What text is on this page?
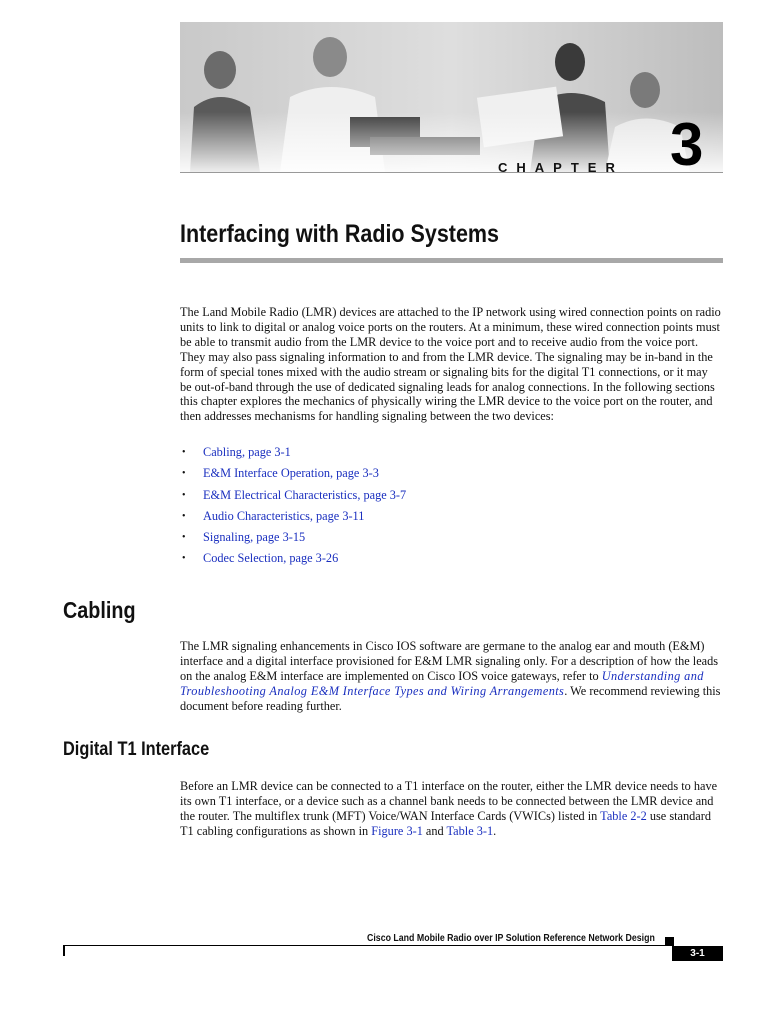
CHAPTER 3
Interfacing with Radio Systems

The Land Mobile Radio (LMR) devices are attached to the IP network using wired connection points on radio units to link to digital or analog voice ports on the routers. At a minimum, these wired connection points must be able to transmit audio from the LMR device to the voice port and to receive audio from the voice port. They may also pass signaling information to and from the LMR device. The signaling may be in-band in the form of special tones mixed with the audio stream or signaling bits for the digital T1 connections, or it may be out-of-band through the use of dedicated signaling leads for analog connections. In the following sections this chapter explores the mechanics of physically wiring the LMR device to the voice port on the router, and then addresses mechanisms for handling signaling between the two devices:

•	Cabling, page 3-1
•	E&M Interface Operation, page 3-3
•	E&M Electrical Characteristics, page 3-7
•	Audio Characteristics, page 3-11
•	Signaling, page 3-15
•	Codec Selection, page 3-26
Cabling

The LMR signaling enhancements in Cisco IOS software are germane to the analog ear and mouth (E&M) interface and a digital interface provisioned for E&M LMR signaling only. For a description of how the leads on the analog E&M interface are implemented on Cisco IOS voice gateways, refer to Understanding and Troubleshooting Analog E&M Interface Types and Wiring Arrangements. We recommend reviewing this document before reading further.

Digital T1 Interface

Before an LMR device can be connected to a T1 interface on the router, either the LMR device needs to have its own T1 interface, or a device such as a channel bank needs to be connected between the LMR device and the router. The multiflex trunk (MFT) Voice/WAN Interface Cards (VWICs) listed in Table 2-2 use standard T1 cabling configurations as shown in Figure 3-1 and Table 3-1.

Cisco Land Mobile Radio over IP Solution Reference Network Design
3-1
